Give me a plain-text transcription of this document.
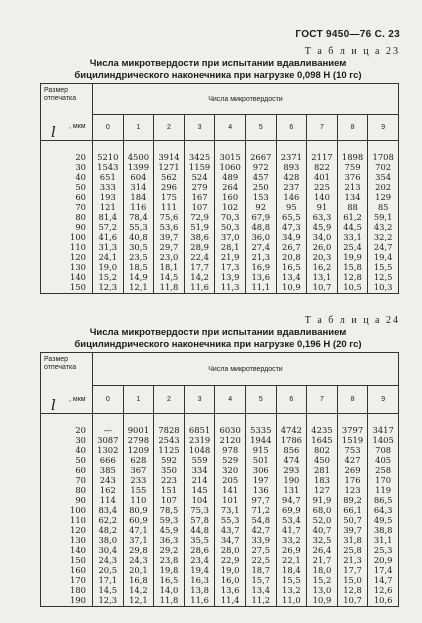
ГОСТ 9450—76 С. 23
Т а б л и ц а 23
Числа микротвердости при испытании вдавливанием
бицилиндрического наконечника при нагрузке 0,098 Н (10 гс)
Размер отпечатка
l , мкм	Числа микротвердости									
	0	1	2	3	4	5	6	7	8	9

20	5210	4500	3914	3425	3015	2667	2371	2117	1898	1708
30	1543	1399	1271	1159	1060	972	893	822	759	702
40	651	604	562	524	489	457	428	401	376	354
50	333	314	296	279	264	250	237	225	213	202
60	193	184	175	167	160	153	146	140	134	129
70	121	116	111	107	102	92	95	91	88	85
80	81,4	78,4	75,6	72,9	70,3	67,9	65,5	63,3	61,2	59,1
90	57,2	55,3	53,6	51,9	50,3	48,8	47,3	45,9	44,5	43,2
100	41,6	40,8	39,7	38,6	37,0	36,0	34,9	34,0	33,1	32,2
110	31,3	30,5	29,7	28,9	28,1	27,4	26,7	26,0	25,4	24,7
120	24,1	23,5	23,0	22,4	21,9	21,3	20,8	20,3	19,9	19,4
130	19,0	18,5	18,1	17,7	17,3	16,9	16,5	16,2	15,8	15,5
140	15,2	14,9	14,5	14,2	13,9	13,6	13,4	13,1	12,8	12,5
150	12,3	12,1	11,8	11,6	11,3	11,1	10,9	10,7	10,5	10,3
Т а б л и ц а 24
Числа микротвердости при испытании вдавливанием
бицилиндрического наконечника при нагрузке 0,196 Н (20 гс)
Размер отпечатка
l , мкм	Числа микротвердости									
	0	1	2	3	4	5	6	7	8	9

20	—	9001	7828	6851	6030	5335	4742	4235	3797	3417
30	3087	2798	2543	2319	2120	1944	1786	1645	1519	1405
40	1302	1209	1125	1048	978	915	856	802	753	708
50	666	628	592	559	529	501	474	450	427	405
60	385	367	350	334	320	306	293	281	269	258
70	243	233	223	214	205	197	190	183	176	170
80	162	155	151	145	141	136	131	127	123	119
90	114	110	107	104	101	97,7	94,7	91,9	89,2	86,5
100	83,4	80,9	78,5	75,3	73,1	71,2	69,9	68,0	66,1	64,3
110	62,2	60,9	59,3	57,8	55,3	54,8	53,4	52,0	50,7	49,5
120	48,2	47,1	45,9	44,8	43,7	42,7	41,7	40,7	39,7	38,8
130	38,0	37,1	36,3	35,5	34,7	33,9	33,2	32,5	31,8	31,1
140	30,4	29,8	29,2	28,6	28,0	27,5	26,9	26,4	25,8	25,3
150	24,3	24,3	23,8	23,4	22,9	22,5	22,1	21,7	21,3	20,9
160	20,5	20,1	19,8	19,4	19,0	18,7	18,4	18,0	17,7	17,4
170	17,1	16,8	16,5	16,3	16,0	15,7	15,5	15,2	15,0	14,7
180	14,5	14,2	14,0	13,8	13,6	13,4	13,2	13,0	12,8	12,6
190	12,3	12,1	11,8	11,6	11,4	11,2	11,0	10,9	10,7	10,6
